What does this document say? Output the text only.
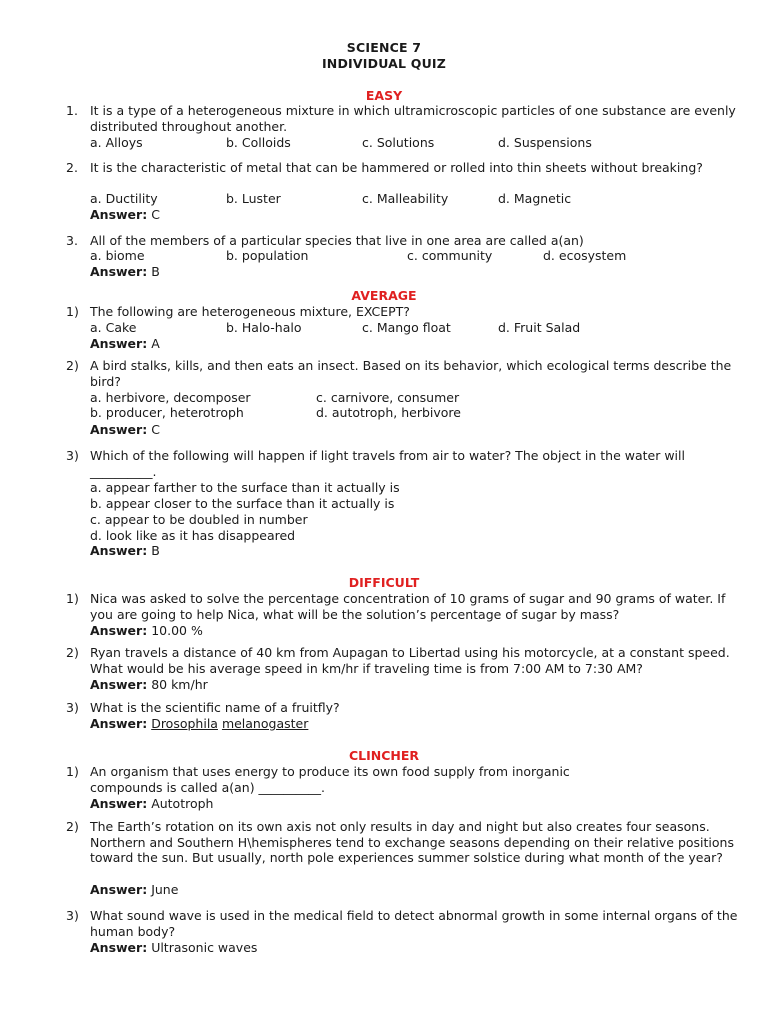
SCIENCE 7
INDIVIDUAL QUIZ
EASY
1. It is a type of a heterogeneous mixture in which ultramicroscopic particles of one substance are evenly distributed throughout another.
a. Alloys	b. Colloids	c. Solutions	d. Suspensions
2. It is the characteristic of metal that can be hammered or rolled into thin sheets without breaking?
a. Ductility	b. Luster	c. Malleability	d. Magnetic
Answer: C
3. All of the members of a particular species that live in one area are called a(an)
a. biome	b. population	c. community	d. ecosystem
Answer: B
AVERAGE
1) The following are heterogeneous mixture, EXCEPT?
a. Cake	b. Halo-halo	c. Mango float	d. Fruit Salad
Answer: A
2) A bird stalks, kills, and then eats an insect. Based on its behavior, which ecological terms describe the bird?
a. herbivore, decomposer	c. carnivore, consumer
b. producer, heterotroph	d. autotroph, herbivore
Answer: C
3) Which of the following will happen if light travels from air to water? The object in the water will __________.
a. appear farther to the surface than it actually is
b. appear closer to the surface than it actually is
c. appear to be doubled in number
d. look like as it has disappeared
Answer: B
DIFFICULT
1) Nica was asked to solve the percentage concentration of 10 grams of sugar and 90 grams of water. If you are going to help Nica, what will be the solution’s percentage of sugar by mass?
Answer: 10.00 %
2) Ryan travels a distance of 40 km from Aupagan to Libertad using his motorcycle, at a constant speed. What would be his average speed in km/hr if traveling time is from 7:00 AM to 7:30 AM?
Answer: 80 km/hr
3) What is the scientific name of a fruitfly?
Answer: Drosophila melanogaster
CLINCHER
1) An organism that uses energy to produce its own food supply from inorganic compounds is called a(an) __________.
Answer: Autotroph
2) The Earth’s rotation on its own axis not only results in day and night but also creates four seasons. Northern and Southern H\hemispheres tend to exchange seasons depending on their relative positions toward the sun. But usually, north pole experiences summer solstice during what month of the year?
Answer: June
3) What sound wave is used in the medical field to detect abnormal growth in some internal organs of the human body?
Answer: Ultrasonic waves
